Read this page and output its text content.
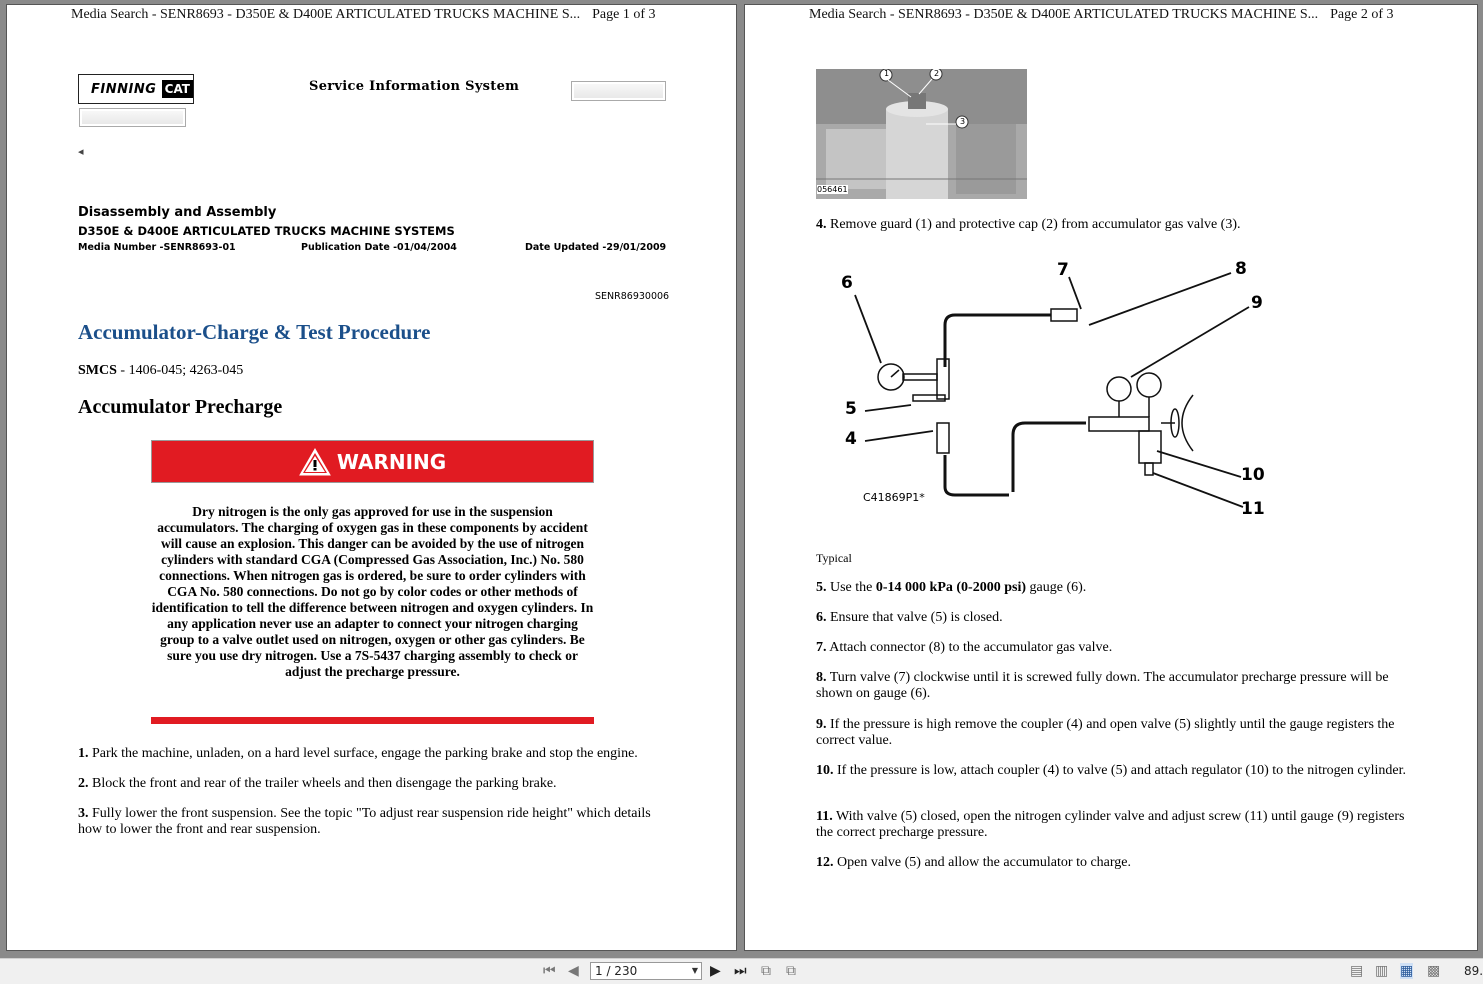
Media Search - SENR8693 - D350E & D400E ARTICULATED TRUCKS MACHINE S... Page 1 of 3
FINNING CAT	Service Information System
◂
Disassembly and Assembly
D350E & D400E ARTICULATED TRUCKS MACHINE SYSTEMS
Media Number -SENR8693-01	Publication Date -01/04/2004	Date Updated -29/01/2009
SENR86930006
Accumulator-Charge & Test Procedure
SMCS - 1406-045; 4263-045
Accumulator Precharge
WARNING
Dry nitrogen is the only gas approved for use in the suspension accumulators. The charging of oxygen gas in these components by accident will cause an explosion. This danger can be avoided by the use of nitrogen cylinders with standard CGA (Compressed Gas Association, Inc.) No. 580 connections. When nitrogen gas is ordered, be sure to order cylinders with CGA No. 580 connections. Do not go by color codes or other methods of identification to tell the difference between nitrogen and oxygen cylinders. In any application never use an adapter to connect your nitrogen charging group to a valve outlet used on nitrogen, oxygen or other gas cylinders. Be sure you use dry nitrogen. Use a 7S-5437 charging assembly to check or adjust the precharge pressure.
1. Park the machine, unladen, on a hard level surface, engage the parking brake and stop the engine.
2. Block the front and rear of the trailer wheels and then disengage the parking brake.
3. Fully lower the front suspension. See the topic "To adjust rear suspension ride height" which details how to lower the front and rear suspension.
Media Search - SENR8693 - D350E & D400E ARTICULATED TRUCKS MACHINE S... Page 2 of 3
1	2
3
056461
4. Remove guard (1) and protective cap (2) from accumulator gas valve (3).
6
7	8
9
5
4
10
11
C41869P1*
Typical
5. Use the 0-14 000 kPa (0-2000 psi) gauge (6).
6. Ensure that valve (5) is closed.
7. Attach connector (8) to the accumulator gas valve.
8. Turn valve (7) clockwise until it is screwed fully down. The accumulator precharge pressure will be shown on gauge (6).
9. If the pressure is high remove the coupler (4) and open valve (5) slightly until the gauge registers the correct value.
10. If the pressure is low, attach coupler (4) to valve (5) and attach regulator (10) to the nitrogen cylinder.
11. With valve (5) closed, open the nitrogen cylinder valve and adjust screw (11) until gauge (9) registers the correct precharge pressure.
12. Open valve (5) and allow the accumulator to charge.
⏮ ◀	1 / 230	▼ ▶ ⏭ ⧉ ⧉	▤ ▥ ▦ ▩ 89.
